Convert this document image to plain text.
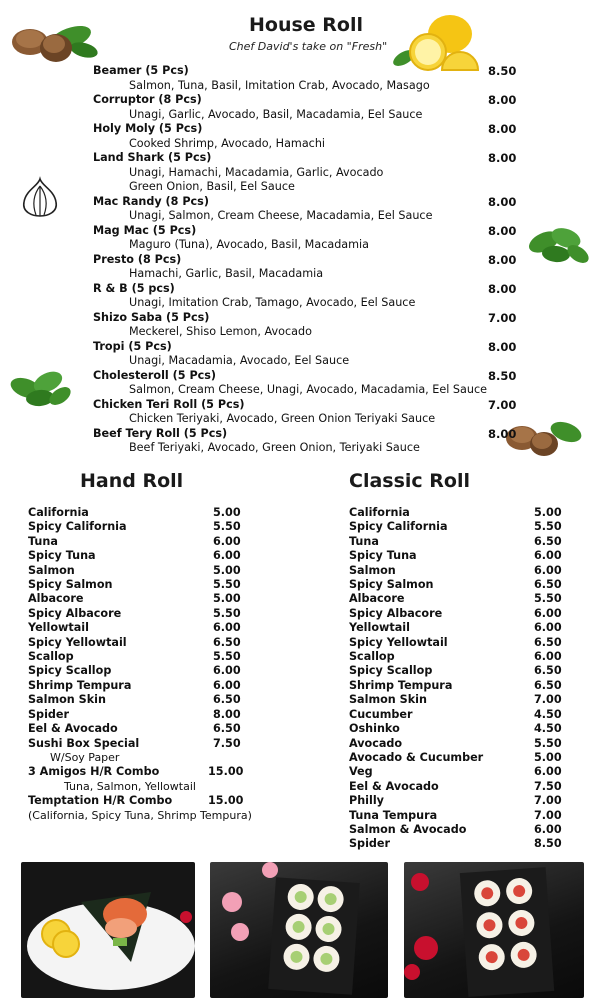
House Roll
Chef David's take on "Fresh"
Beamer (5 Pcs)	8.50
Salmon, Tuna, Basil, Imitation Crab, Avocado, Masago
Corruptor (8 Pcs)	8.00
Unagi, Garlic, Avocado, Basil, Macadamia, Eel Sauce
Holy Moly (5 Pcs)	8.00
Cooked Shrimp, Avocado, Hamachi
Land Shark (5 Pcs)	8.00
Unagi, Hamachi, Macadamia, Garlic, Avocado
Green Onion, Basil, Eel Sauce
Mac Randy (8 Pcs)	8.00
Unagi, Salmon, Cream Cheese, Macadamia, Eel Sauce
Mag Mac (5 Pcs)	8.00
Maguro (Tuna), Avocado, Basil, Macadamia
Presto (8 Pcs)	8.00
Hamachi, Garlic, Basil, Macadamia
R & B (5 pcs)	8.00
Unagi, Imitation Crab, Tamago, Avocado, Eel Sauce
Shizo Saba (5 Pcs)	7.00
Meckerel, Shiso Lemon, Avocado
Tropi (5 Pcs)	8.00
Unagi, Macadamia, Avocado, Eel Sauce
Cholesteroll (5 Pcs)	8.50
Salmon, Cream Cheese, Unagi, Avocado, Macadamia, Eel Sauce
Chicken Teri Roll (5 Pcs)	7.00
Chicken Teriyaki, Avocado, Green Onion Teriyaki Sauce
Beef Tery Roll (5 Pcs)	8.00
Beef Teriyaki, Avocado, Green Onion, Teriyaki Sauce
Hand Roll	Classic Roll
California	5.00
Spicy California	5.50
Tuna	6.00
Spicy Tuna	6.00
Salmon	5.00
Spicy Salmon	5.50
Albacore	5.00
Spicy Albacore	5.50
Yellowtail	6.00
Spicy Yellowtail	6.50
Scallop	5.50
Spicy Scallop	6.00
Shrimp Tempura	6.00
Salmon Skin	6.50
Spider	8.00
Eel & Avocado	6.50
Sushi Box Special	7.50
W/Soy Paper
3 Amigos H/R Combo	15.00
Tuna, Salmon, Yellowtail
Temptation H/R Combo	15.00
(California, Spicy Tuna, Shrimp Tempura)
California	5.00
Spicy California	5.50
Tuna	6.50
Spicy Tuna	6.00
Salmon	6.00
Spicy Salmon	6.50
Albacore	5.50
Spicy Albacore	6.00
Yellowtail	6.00
Spicy Yellowtail	6.50
Scallop	6.00
Spicy Scallop	6.50
Shrimp Tempura	6.50
Salmon Skin	7.00
Cucumber	4.50
Oshinko	4.50
Avocado	5.50
Avocado & Cucumber	5.00
Veg	6.00
Eel & Avocado	7.50
Philly	7.00
Tuna Tempura	7.00
Salmon & Avocado	6.00
Spider	8.50
